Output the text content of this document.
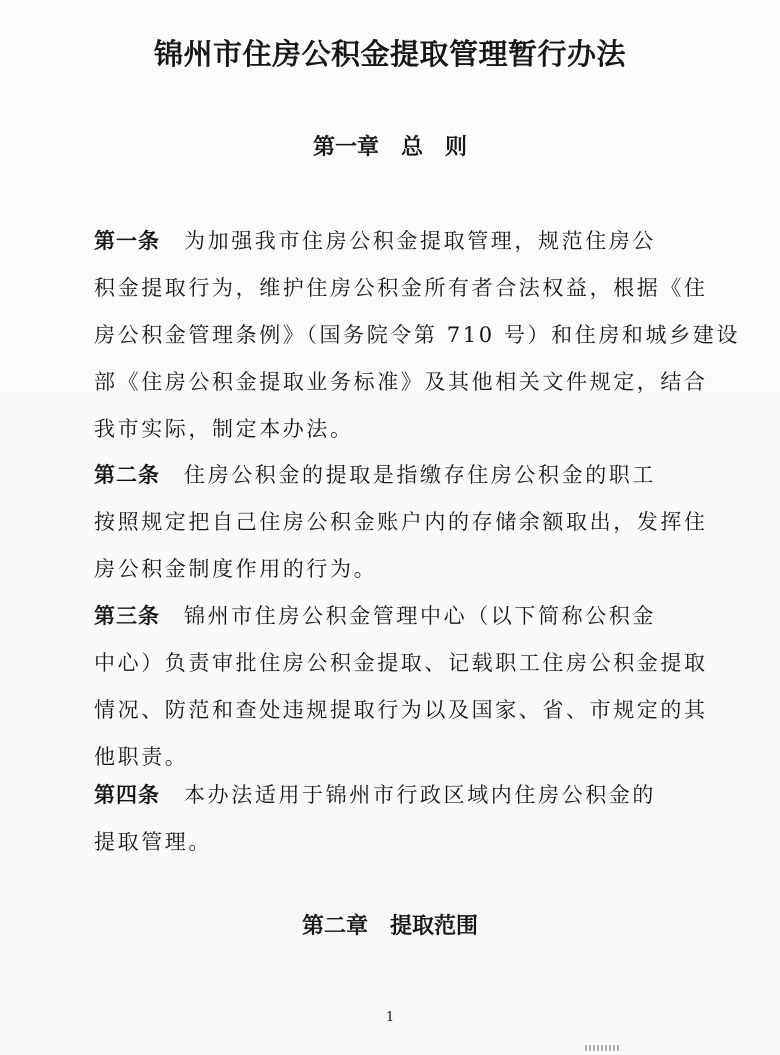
锦州市住房公积金提取管理暂行办法
第一章 总　则
第一条 为加强我市住房公积金提取管理，规范住房公
积金提取行为，维护住房公积金所有者合法权益，根据《住
房公积金管理条例》（国务院令第 710 号）和住房和城乡建设
部《住房公积金提取业务标准》及其他相关文件规定，结合
我市实际，制定本办法。
第二条 住房公积金的提取是指缴存住房公积金的职工
按照规定把自己住房公积金账户内的存储余额取出，发挥住
房公积金制度作用的行为。
第三条 锦州市住房公积金管理中心（以下简称公积金
中心）负责审批住房公积金提取、记载职工住房公积金提取
情况、防范和查处违规提取行为以及国家、省、市规定的其
他职责。
第四条 本办法适用于锦州市行政区域内住房公积金的
提取管理。
第二章 提取范围
1
